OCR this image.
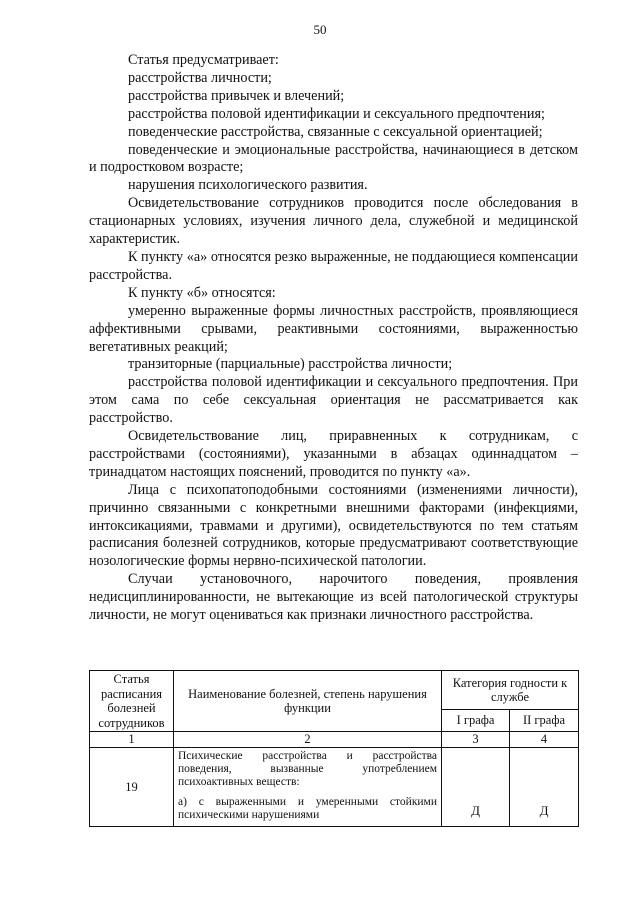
50

Статья предусматривает:

расстройства личности;

расстройства привычек и влечений;

расстройства половой идентификации и сексуального предпочтения;

поведенческие расстройства, связанные с сексуальной ориентацией;

поведенческие и эмоциональные расстройства, начинающиеся в детском и подростковом возрасте;

нарушения психологического развития.

Освидетельствование сотрудников проводится после обследования в стационарных условиях, изучения личного дела, служебной и медицинской характеристик.

К пункту «а» относятся резко выраженные, не поддающиеся компенсации расстройства.

К пункту «б» относятся:

умеренно выраженные формы личностных расстройств, проявляющиеся аффективными срывами, реактивными состояниями, выраженностью вегетативных реакций;

транзиторные (парциальные) расстройства личности;

расстройства половой идентификации и сексуального предпочтения. При этом сама по себе сексуальная ориентация не рассматривается как расстройство.

Освидетельствование лиц, приравненных к сотрудникам, с расстройствами (состояниями), указанными в абзацах одиннадцатом – тринадцатом настоящих пояснений, проводится по пункту «а».

Лица с психопатоподобными состояниями (изменениями личности), причинно связанными с конкретными внешними факторами (инфекциями, интоксикациями, травмами и другими), освидетельствуются по тем статьям расписания болезней сотрудников, которые предусматривают соответствующие нозологические формы нервно-психической патологии.

Случаи установочного, нарочитого поведения, проявления недисциплинированности, не вытекающие из всей патологической структуры личности, не могут оцениваться как признаки личностного расстройства.

Статья расписания болезней сотрудников	Наименование болезней, степень нарушения функции	Категория годности к службе	
		I графа	II графа
1	2	3	4
19	Психические расстройства и расстройства поведения, вызванные употреблением психоактивных веществ:
а) с выраженными и умеренными стойкими психическими нарушениями	Д	Д
